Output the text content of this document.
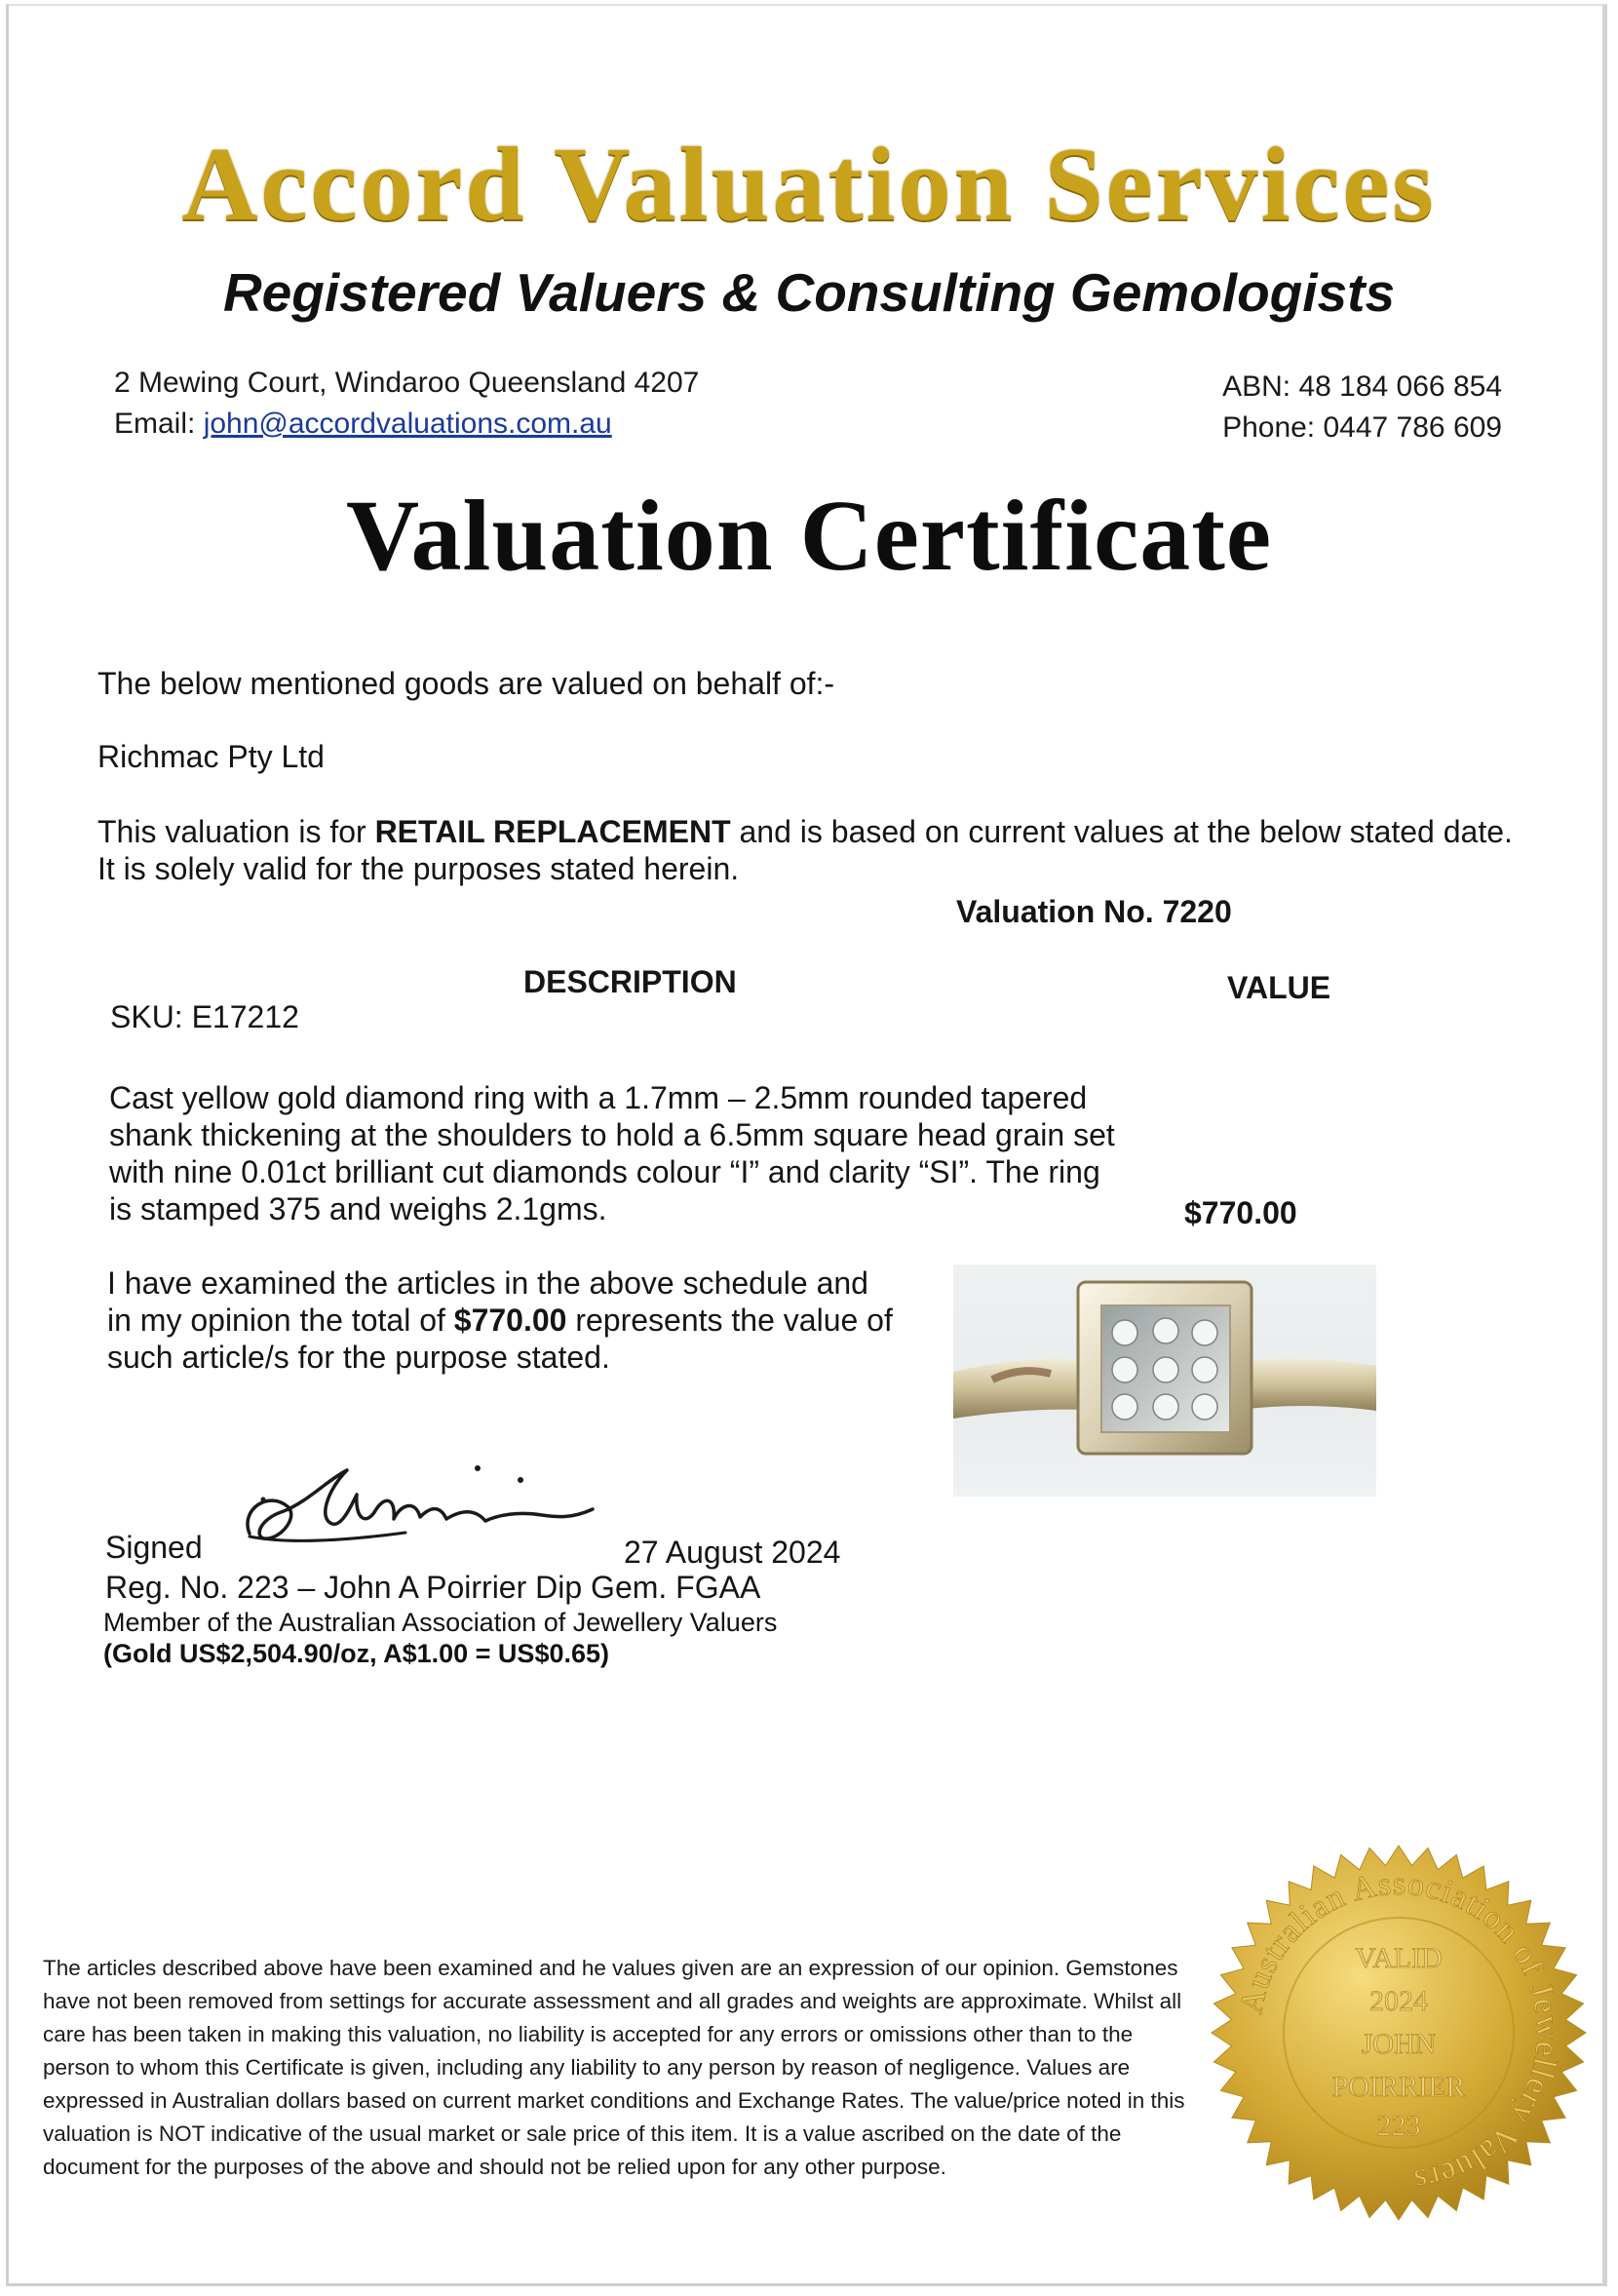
Accord Valuation Services
Registered Valuers & Consulting Gemologists
2 Mewing Court, Windaroo Queensland 4207
Email: john@accordvaluations.com.au
ABN: 48 184 066 854
Phone: 0447 786 609
Valuation Certificate
The below mentioned goods are valued on behalf of:-
Richmac Pty Ltd
This valuation is for RETAIL REPLACEMENT and is based on current values at the below stated date. It is solely valid for the purposes stated herein.
Valuation No. 7220
DESCRIPTION	VALUE
SKU: E17212
Cast yellow gold diamond ring with a 1.7mm – 2.5mm rounded tapered
shank thickening at the shoulders to hold a 6.5mm square head grain set
with nine 0.01ct brilliant cut diamonds colour “I” and clarity “SI”. The ring
is stamped 375 and weighs 2.1gms.	$770.00
I have examined the articles in the above schedule and
in my opinion the total of $770.00 represents the value of
such article/s for the purpose stated.
Signed	27 August 2024
Reg. No. 223 – John A Poirrier Dip Gem. FGAA
Member of the Australian Association of Jewellery Valuers
(Gold US$2,504.90/oz, A$1.00 = US$0.65)
The articles described above have been examined and he values given are an expression of our opinion. Gemstones have not been removed from settings for accurate assessment and all grades and weights are approximate. Whilst all care has been taken in making this valuation, no liability is accepted for any errors or omissions other than to the person to whom this Certificate is given, including any liability to any person by reason of negligence. Values are expressed in Australian dollars based on current market conditions and Exchange Rates. The value/price noted in this valuation is NOT indicative of the usual market or sale price of this item. It is a value ascribed on the date of the document for the purposes of the above and should not be relied upon for any other purpose.
Australian Association of Jewellery Valuers
VALID
2024
JOHN
POIRRIER
223
